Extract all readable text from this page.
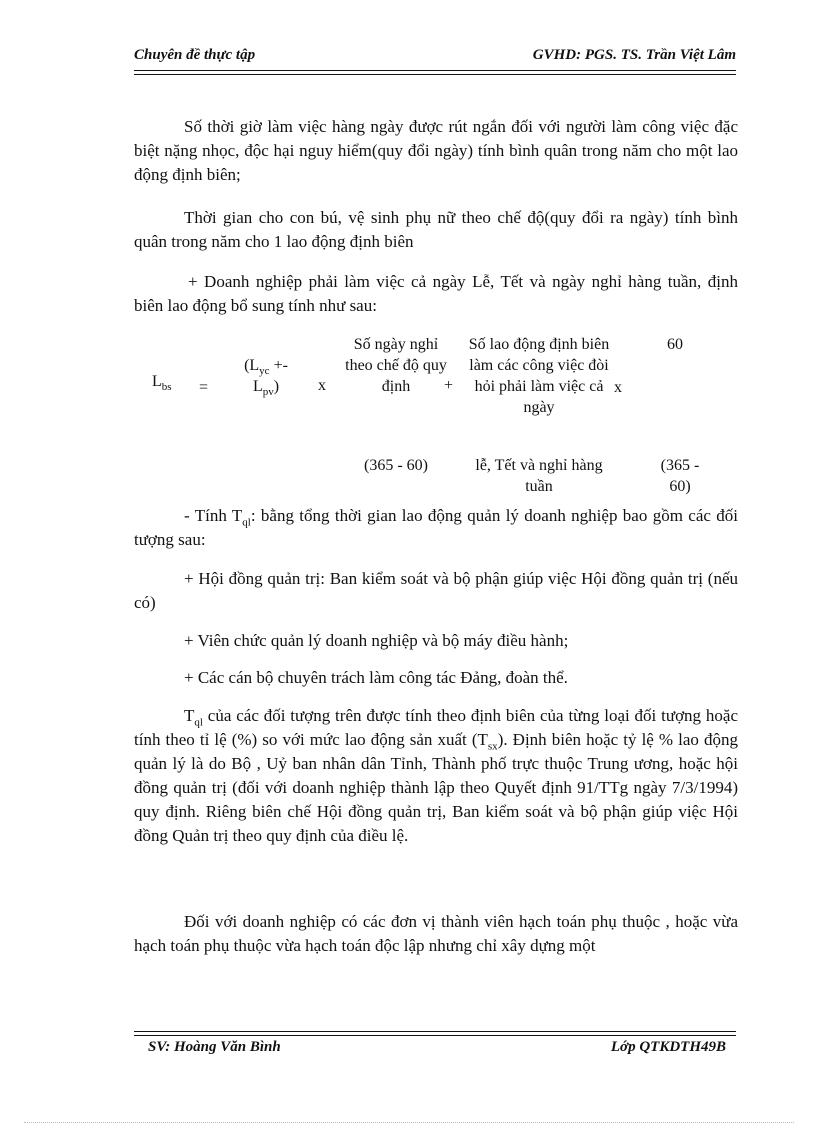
Chuyên đề thực tập	GVHD: PGS. TS. Trần Việt Lâm
Số thời giờ làm việc hàng ngày được rút ngắn đối với người làm công việc đặc biệt nặng nhọc, độc hại nguy hiểm(quy đổi ngày) tính bình quân trong năm cho một lao động định biên;
Thời gian cho con bú, vệ sinh phụ nữ theo chế độ(quy đổi ra ngày) tính bình quân trong năm cho 1 lao động định biên
+ Doanh nghiệp phải làm việc cả ngày Lễ, Tết và ngày nghỉ hàng tuần, định biên lao động bổ sung tính như sau:
$L_{bs}$ =
($L_{yc}$ +-
$L_{pv}$)	x
Số ngày nghỉ theo chế độ quy định	+
Số lao động định biên làm các công việc đòi hỏi phải làm việc cả ngày
x
60
(365 - 60)	lễ, Tết và nghỉ hàng tuần
(365 - 60)
- Tính $T_{ql}$: bằng tổng thời gian lao động quản lý doanh nghiệp bao gồm các đối tượng sau:
+ Hội đồng quản trị: Ban kiểm soát và bộ phận giúp việc Hội đồng quản trị (nếu có)
+ Viên chức quản lý doanh nghiệp và bộ máy điều hành;
+ Các cán bộ chuyên trách làm công tác Đảng, đoàn thể.
$T_{ql}$ của các đối tượng trên được tính theo định biên của từng loại đối tượng hoặc tính theo tỉ lệ (%) so với mức lao động sản xuất $(T_{sx})$. Định biên hoặc tỷ lệ % lao động quản lý là do Bộ , Uỷ ban nhân dân Tỉnh, Thành phố trực thuộc Trung ương, hoặc hội đồng quản trị (đối với doanh nghiệp thành lập theo Quyết định 91/TTg ngày 7/3/1994) quy định. Riêng biên chế Hội đồng quản trị, Ban kiểm soát và bộ phận giúp việc Hội đồng Quản trị theo quy định của điều lệ.
Đối với doanh nghiệp có các đơn vị thành viên hạch toán phụ thuộc , hoặc vừa hạch toán phụ thuộc vừa hạch toán độc lập nhưng chỉ xây dựng một
SV: Hoàng Văn Bình	Lớp QTKDTH49B
